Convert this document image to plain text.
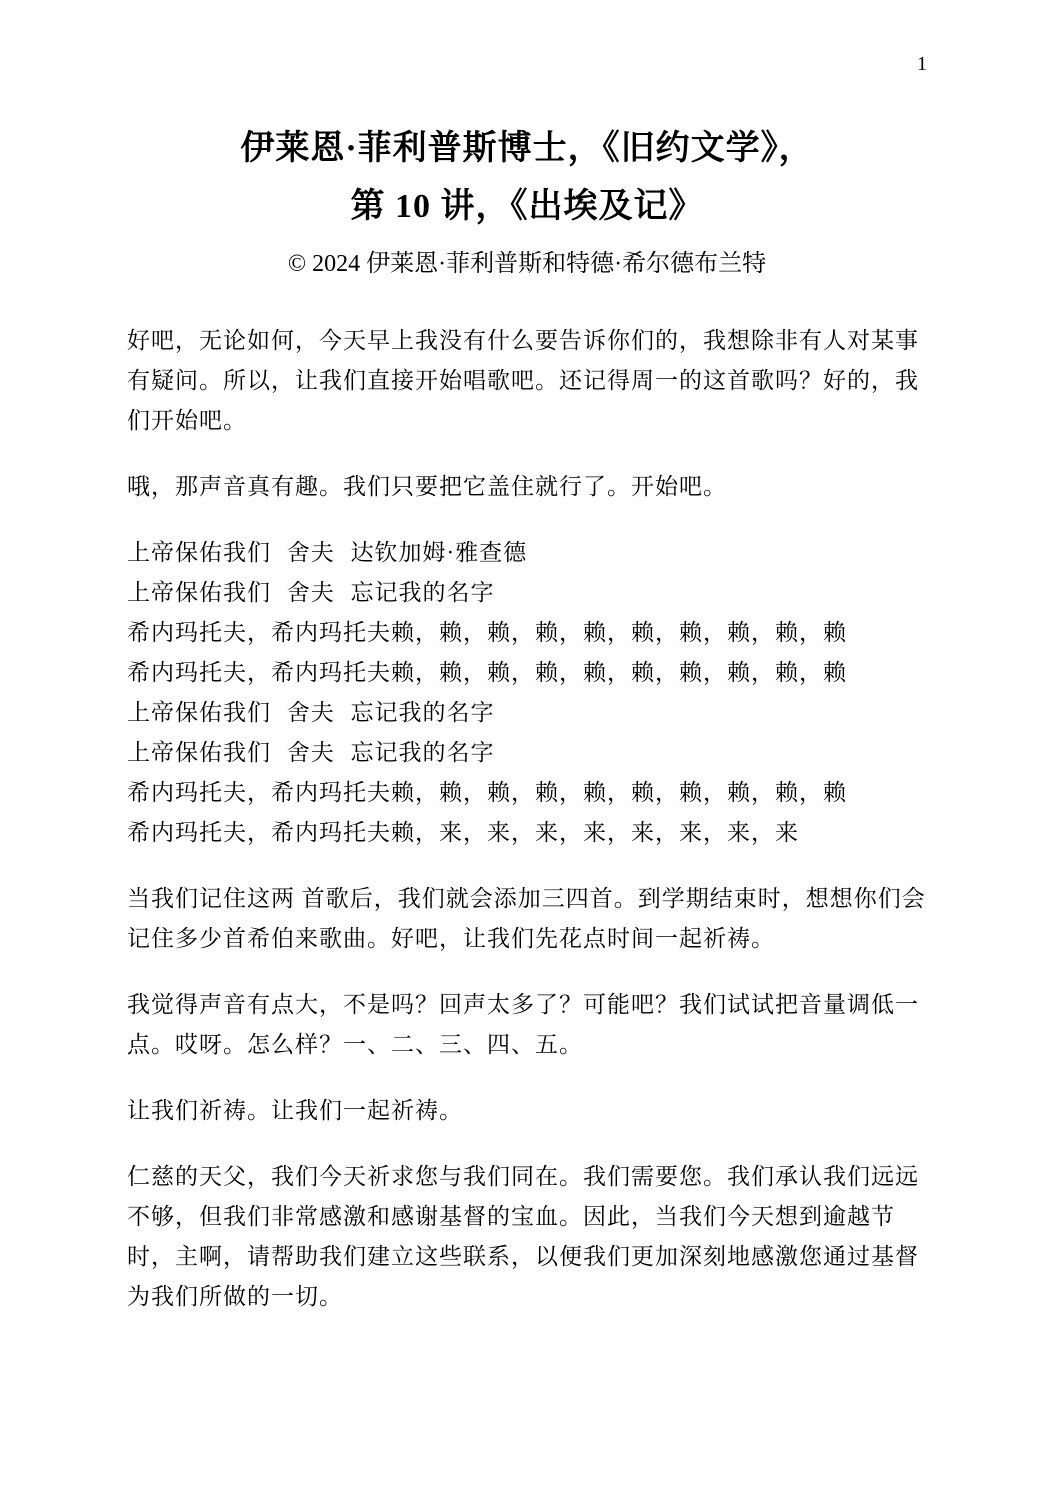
1
伊莱恩·菲利普斯博士，《旧约文学》，
第 10 讲，《出埃及记》
© 2024 伊莱恩·菲利普斯和特德·希尔德布兰特

好吧，无论如何，今天早上我没有什么要告诉你们的，我想除非有人对某事有疑问。所以，让我们直接开始唱歌吧。还记得周一的这首歌吗？好的，我们开始吧。

哦，那声音真有趣。我们只要把它盖住就行了。开始吧。

上帝保佑我们 舍夫 达钦加姆·雅查德
上帝保佑我们 舍夫 忘记我的名字
希内玛托夫，希内玛托夫赖，赖，赖，赖，赖，赖，赖，赖，赖，赖
希内玛托夫，希内玛托夫赖，赖，赖，赖，赖，赖，赖，赖，赖，赖
上帝保佑我们 舍夫 忘记我的名字
上帝保佑我们 舍夫 忘记我的名字
希内玛托夫，希内玛托夫赖，赖，赖，赖，赖，赖，赖，赖，赖，赖
希内玛托夫，希内玛托夫赖，来，来，来，来，来，来，来，来

当我们记住这两 首歌后，我们就会添加三四首。到学期结束时，想想你们会记住多少首希伯来歌曲。好吧，让我们先花点时间一起祈祷。

我觉得声音有点大，不是吗？回声太多了？可能吧？我们试试把音量调低一点。哎呀。怎么样？一、二、三、四、五。

让我们祈祷。让我们一起祈祷。

仁慈的天父，我们今天祈求您与我们同在。我们需要您。我们承认我们远远不够，但我们非常感激和感谢基督的宝血。因此，当我们今天想到逾越节时，主啊，请帮助我们建立这些联系，以便我们更加深刻地感激您通过基督为我们所做的一切。
